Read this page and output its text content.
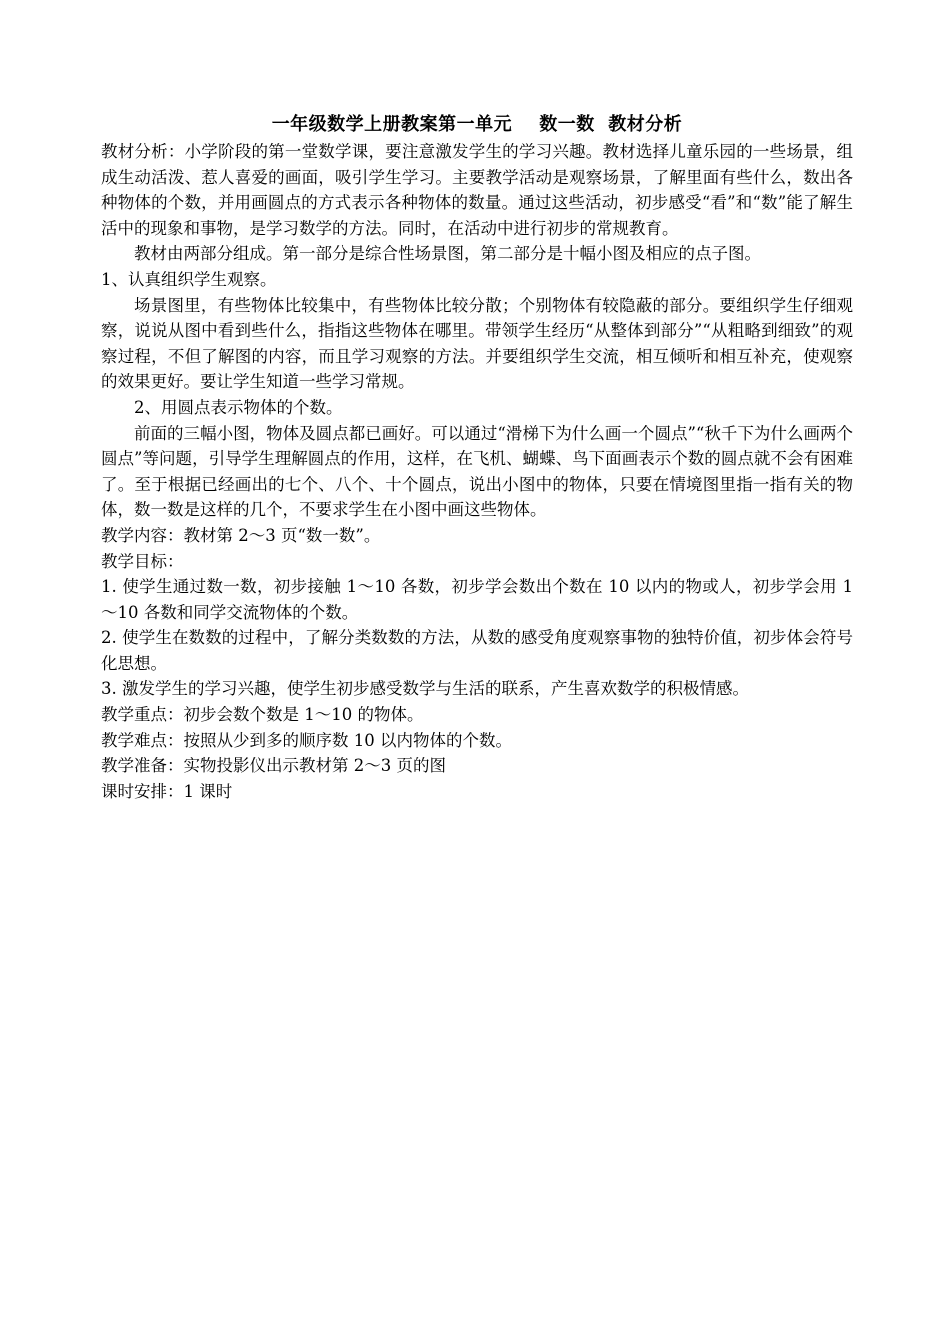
一年级数学上册教案第一单元    数一数  教材分析

教材分析：小学阶段的第一堂数学课，要注意激发学生的学习兴趣。教材选择儿童乐园的一些场景，组成生动活泼、惹人喜爱的画面，吸引学生学习。主要教学活动是观察场景，了解里面有些什么，数出各种物体的个数，并用画圆点的方式表示各种物体的数量。通过这些活动，初步感受“看”和“数”能了解生活中的现象和事物，是学习数学的方法。同时，在活动中进行初步的常规教育。

教材由两部分组成。第一部分是综合性场景图，第二部分是十幅小图及相应的点子图。

1、认真组织学生观察。

场景图里，有些物体比较集中，有些物体比较分散；个别物体有较隐蔽的部分。要组织学生仔细观察，说说从图中看到些什么，指指这些物体在哪里。带领学生经历“从整体到部分”“从粗略到细致”的观察过程，不但了解图的内容，而且学习观察的方法。并要组织学生交流，相互倾听和相互补充，使观察的效果更好。要让学生知道一些学习常规。

2、用圆点表示物体的个数。

前面的三幅小图，物体及圆点都已画好。可以通过“滑梯下为什么画一个圆点”“秋千下为什么画两个圆点”等问题，引导学生理解圆点的作用，这样，在飞机、蝴蝶、鸟下面画表示个数的圆点就不会有困难了。至于根据已经画出的七个、八个、十个圆点，说出小图中的物体，只要在情境图里指一指有关的物体，数一数是这样的几个，不要求学生在小图中画这些物体。

教学内容：教材第 2～3 页“数一数”。

教学目标：

1. 使学生通过数一数，初步接触 1～10 各数，初步学会数出个数在 10 以内的物或人，初步学会用 1～10 各数和同学交流物体的个数。

2. 使学生在数数的过程中，了解分类数数的方法，从数的感受角度观察事物的独特价值，初步体会符号化思想。

3. 激发学生的学习兴趣，使学生初步感受数学与生活的联系，产生喜欢数学的积极情感。

教学重点：初步会数个数是 1～10 的物体。

教学难点：按照从少到多的顺序数 10 以内物体的个数。

教学准备：实物投影仪出示教材第 2～3 页的图

课时安排：1 课时
